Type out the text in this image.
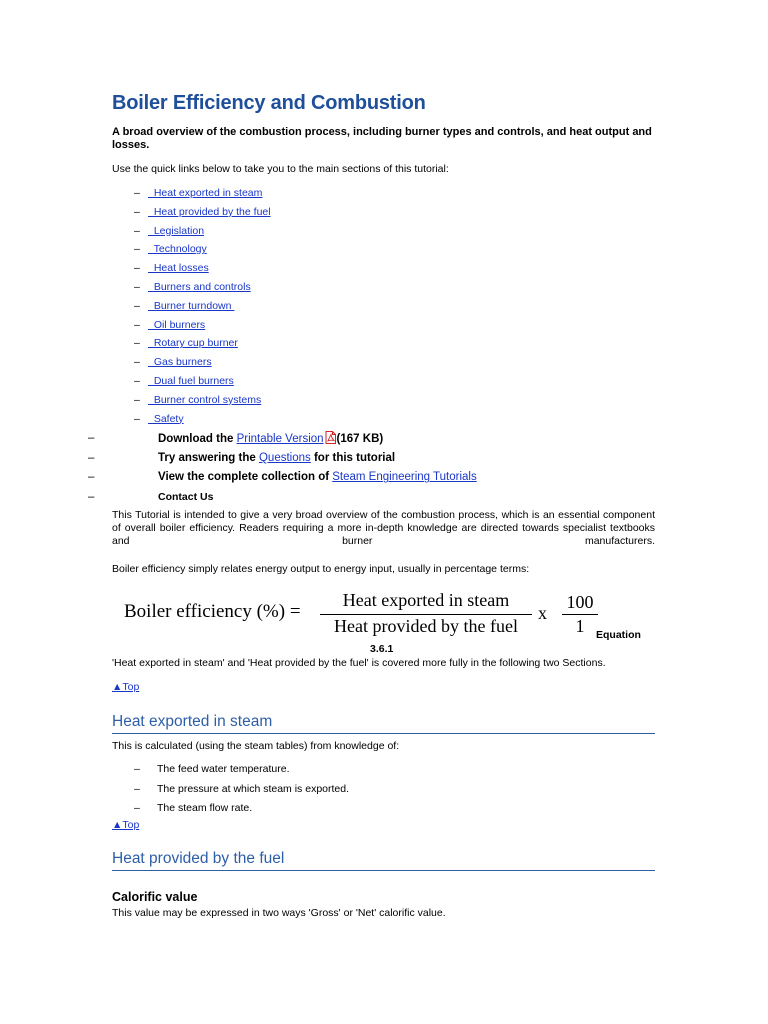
Boiler Efficiency and Combustion

A broad overview of the combustion process, including burner types and controls, and heat output and losses.

Use the quick links below to take you to the main sections of this tutorial:

– Heat exported in steam
– Heat provided by the fuel
– Legislation
– Technology
– Heat losses
– Burners and controls
– Burner turndown
– Oil burners
– Rotary cup burner
– Gas burners
– Dual fuel burners
– Burner control systems
– Safety
–	Download the Printable Version (167 KB)
–	Try answering the Questions for this tutorial
–	View the complete collection of Steam Engineering Tutorials
–	Contact Us

This Tutorial is intended to give a very broad overview of the combustion process, which is an essential component of overall boiler efficiency. Readers requiring a more in-depth knowledge are directed towards specialist textbooks and burner manufacturers.

Boiler efficiency simply relates energy output to energy input, usually in percentage terms:

Boiler efficiency (%) =
Heat exported in steam
Heat provided by the fuel
x
100
1	Equation
3.6.1

'Heat exported in steam' and 'Heat provided by the fuel' is covered more fully in the following two Sections.

▲Top
Heat exported in steam

This is calculated (using the steam tables) from knowledge of:

– The feed water temperature.
– The pressure at which steam is exported.
– The steam flow rate.
▲Top
Heat provided by the fuel
Calorific value

This value may be expressed in two ways 'Gross' or 'Net' calorific value.
